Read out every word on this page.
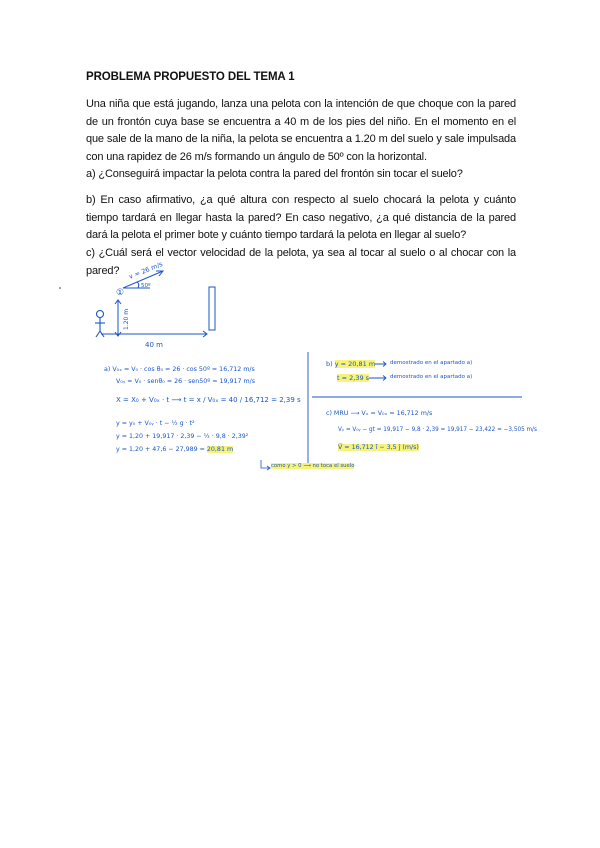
PROBLEMA PROPUESTO DEL TEMA 1
Una niña que está jugando, lanza una pelota con la intención de que choque con la pared de un frontón cuya base se encuentra a 40 m de los pies del niño. En el momento en el que sale de la mano de la niña, la pelota se encuentra a 1.20 m del suelo y sale impulsada con una rapidez de 26 m/s formando un ángulo de 50º con la horizontal.
a) ¿Conseguirá impactar la pelota contra la pared del frontón sin tocar el suelo?
b) En caso afirmativo, ¿a qué altura con respecto al suelo chocará la pelota y cuánto tiempo tardará en llegar hasta la pared? En caso negativo, ¿a qué distancia de la pared dará la pelota el primer bote y cuánto tiempo tardará la pelota en llegar al suelo?
c) ¿Cuál será el vector velocidad de la pelota, ya sea al tocar al suelo o al chocar con la pared?
①
1.20 m
v = 26 m/s
50º
40 m
a) V₀ₓ = V₀ · cos θ₀ = 26 · cos 50º = 16,712 m/s
V₀ᵧ = V₀ · senθ₀ = 26 · sen50º = 19,917 m/s
X = X₀ + V₀ₓ · t ⟶ t = x / V₀ₓ = 40 / 16,712 = 2,39 s
y = y₀ + V₀ᵧ · t − ½ g · t²
y = 1,20 + 19,917 · 2,39 − ½ · 9,8 · 2,39²
y = 1,20 + 47,6 − 27,989 = 20,81 m
como y > 0 ⟶ no toca el suelo
b) y = 20,81 m	demostrado en el apartado a)
t = 2,39 s	demostrado en el apartado a)
c) MRU ⟶ Vₓ = V₀ₓ = 16,712 m/s
Vᵧ = V₀ᵧ − gt = 19,917 − 9,8 · 2,39 = 19,917 − 23,422 = −3,505 m/s
V⃗ = 16,712 î − 3,5 ĵ (m/s)
